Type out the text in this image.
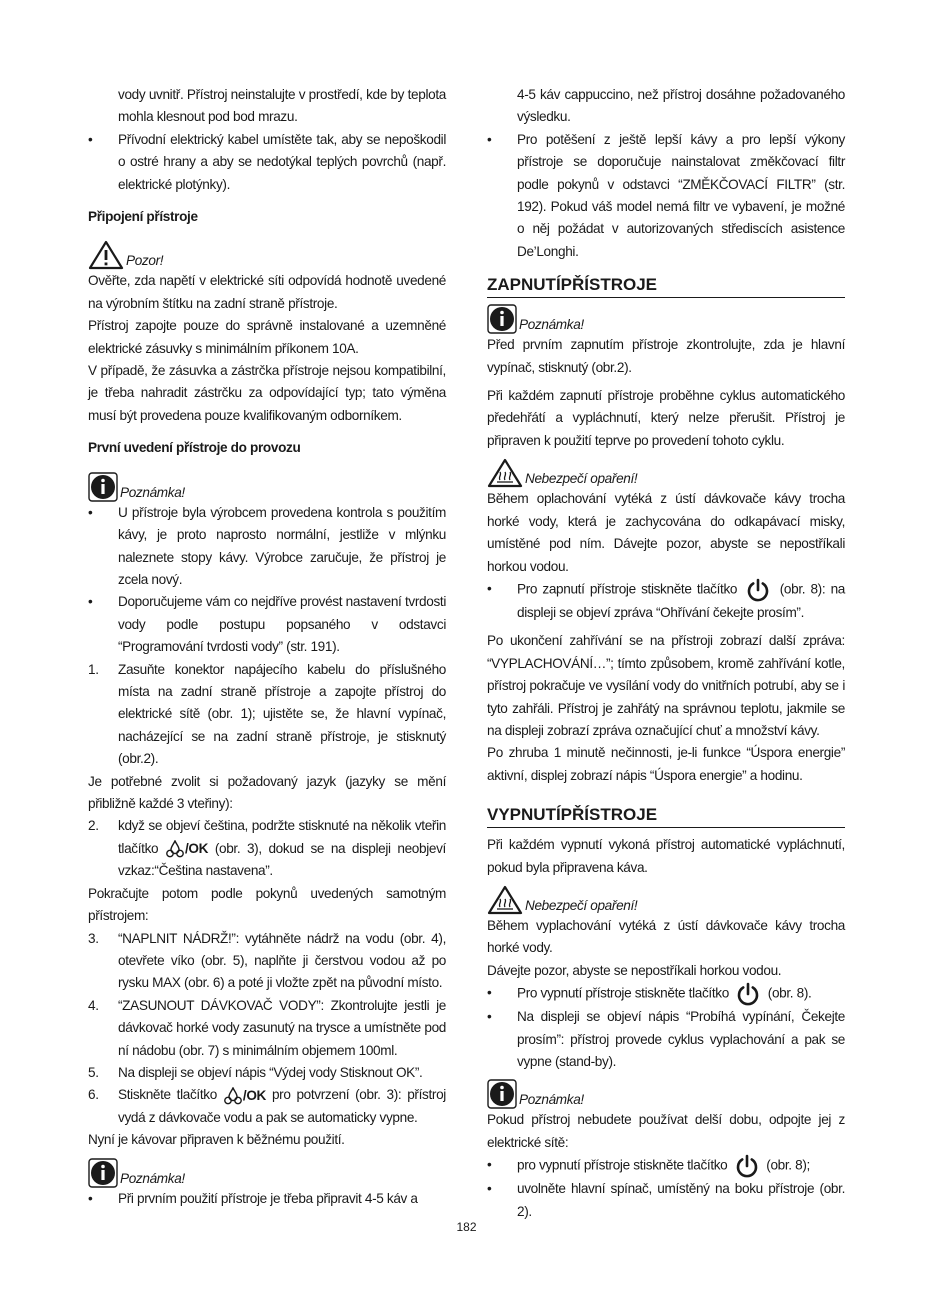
vody uvnitř. Přístroj neinstalujte v prostředí, kde by teplota mohla klesnout pod bod mrazu.

• Přívodní elektrický kabel umístěte tak, aby se nepoškodil o ostré hrany a aby se nedotýkal teplých povrchů (např. elektrické plotýnky).

Připojení přístroje

Pozor!

Ověřte, zda napětí v elektrické síti odpovídá hodnotě uvedené na výrobním štítku na zadní straně přístroje.

Přístroj zapojte pouze do správně instalované a uzemněné elektrické zásuvky s minimálním příkonem 10A.

V případě, že zásuvka a zástrčka přístroje nejsou kompatibilní, je třeba nahradit zástrčku za odpovídající typ; tato výměna musí být provedena pouze kvalifikovaným odborníkem.

První uvedení přístroje do provozu

Poznámka!
• U přístroje byla výrobcem provedena kontrola s použitím kávy, je proto naprosto normální, jestliže v mlýnku naleznete stopy kávy. Výrobce zaručuje, že přístroj je zcela nový.
• Doporučujeme vám co nejdříve provést nastavení tvrdosti vody podle postupu popsaného v odstavci “Programování tvrdosti vody” (str. 191).
1. Zasuňte konektor napájecího kabelu do příslušného místa na zadní straně přístroje a zapojte přístroj do elektrické sítě (obr. 1); ujistěte se, že hlavní vypínač, nacházející se na zadní straně přístroje, je stisknutý (obr.2).

Je potřebné zvolit si požadovaný jazyk (jazyky se mění přibližně každé 3 vteřiny):

2. když se objeví čeština, podržte stisknuté na několik vteřin tlačítko / OK (obr. 3), dokud se na displeji neobjeví vzkaz:“Čeština nastavena”.

Pokračujte potom podle pokynů uvedených samotným přístrojem:

3. “NAPLNIT NÁDRŽ!”: vytáhněte nádrž na vodu (obr. 4), otevřete víko (obr. 5), naplňte ji čerstvou vodou až po rysku MAX (obr. 6) a poté ji vložte zpět na původní místo.
4. “ZASUNOUT DÁVKOVAČ VODY”: Zkontrolujte jestli je dávkovač horké vody zasunutý na trysce a umístněte pod ní nádobu (obr. 7) s minimálním objemem 100ml.
5. Na displeji se objeví nápis “Výdej vody Stisknout OK”.
6. Stiskněte tlačítko / OK pro potvrzení (obr. 3): přístroj vydá z dávkovače vodu a pak se automaticky vypne.

Nyní je kávovar připraven k běžnému použití.

Poznámka!
• Při prvním použití přístroje je třeba připravit 4-5 káv a

4-5 káv cappuccino, než přístroj dosáhne požadovaného výsledku.

• Pro potěšení z ještě lepší kávy a pro lepší výkony přístroje se doporučuje nainstalovat změkčovací filtr podle pokynů v odstavci “ZMĚKČOVACÍ FILTR” (str. 192). Pokud váš model nemá filtr ve vybavení, je možné o něj požádat v autorizovaných střediscích asistence De’Longhi.
ZAPNUTÍPŘÍSTROJE
Poznámka!

Před prvním zapnutím přístroje zkontrolujte, zda je hlavní vypínač, stisknutý (obr.2).

Při každém zapnutí přístroje proběhne cyklus automatického předehřátí a vypláchnutí, který nelze přerušit. Přístroj je připraven k použití teprve po provedení tohoto cyklu.

Nebezpečí opaření!

Během oplachování vytéká z ústí dávkovače kávy trocha horké vody, která je zachycována do odkapávací misky, umístěné pod ním. Dávejte pozor, abyste se nepostříkali horkou vodou.

• Pro zapnutí přístroje stiskněte tlačítko	(obr. 8): na displeji se objeví zpráva “Ohřívání čekejte prosím”.

Po ukončení zahřívání se na přístroji zobrazí další zpráva: “VYPLACHOVÁNÍ…”; tímto způsobem, kromě zahřívání kotle, přístroj pokračuje ve vysílání vody do vnitřních potrubí, aby se i tyto zahřáli. Přístroj je zahřátý na správnou teplotu, jakmile se na displeji zobrazí zpráva označující chuť a množství kávy.

Po zhruba 1 minutě nečinnosti, je-li funkce “Úspora energie” aktivní, displej zobrazí nápis “Úspora energie” a hodinu.

VYPNUTÍPŘÍSTROJE

Při každém vypnutí vykoná přístroj automatické vypláchnutí, pokud byla připravena káva.

Nebezpečí opaření!

Během vyplachování vytéká z ústí dávkovače kávy trocha horké vody.

Dávejte pozor, abyste se nepostříkali horkou vodou.

• Pro vypnutí přístroje stiskněte tlačítko	(obr. 8).
• Na displeji se objeví nápis “Probíhá vypínání, Čekejte prosím”: přístroj provede cyklus vyplachování a pak se vypne (stand-by).
Poznámka!

Pokud přístroj nebudete používat delší dobu, odpojte jej z elektrické sítě:

• pro vypnutí přístroje stiskněte tlačítko	(obr. 8);
• uvolněte hlavní spínač, umístěný na boku přístroje (obr. 2).
182
